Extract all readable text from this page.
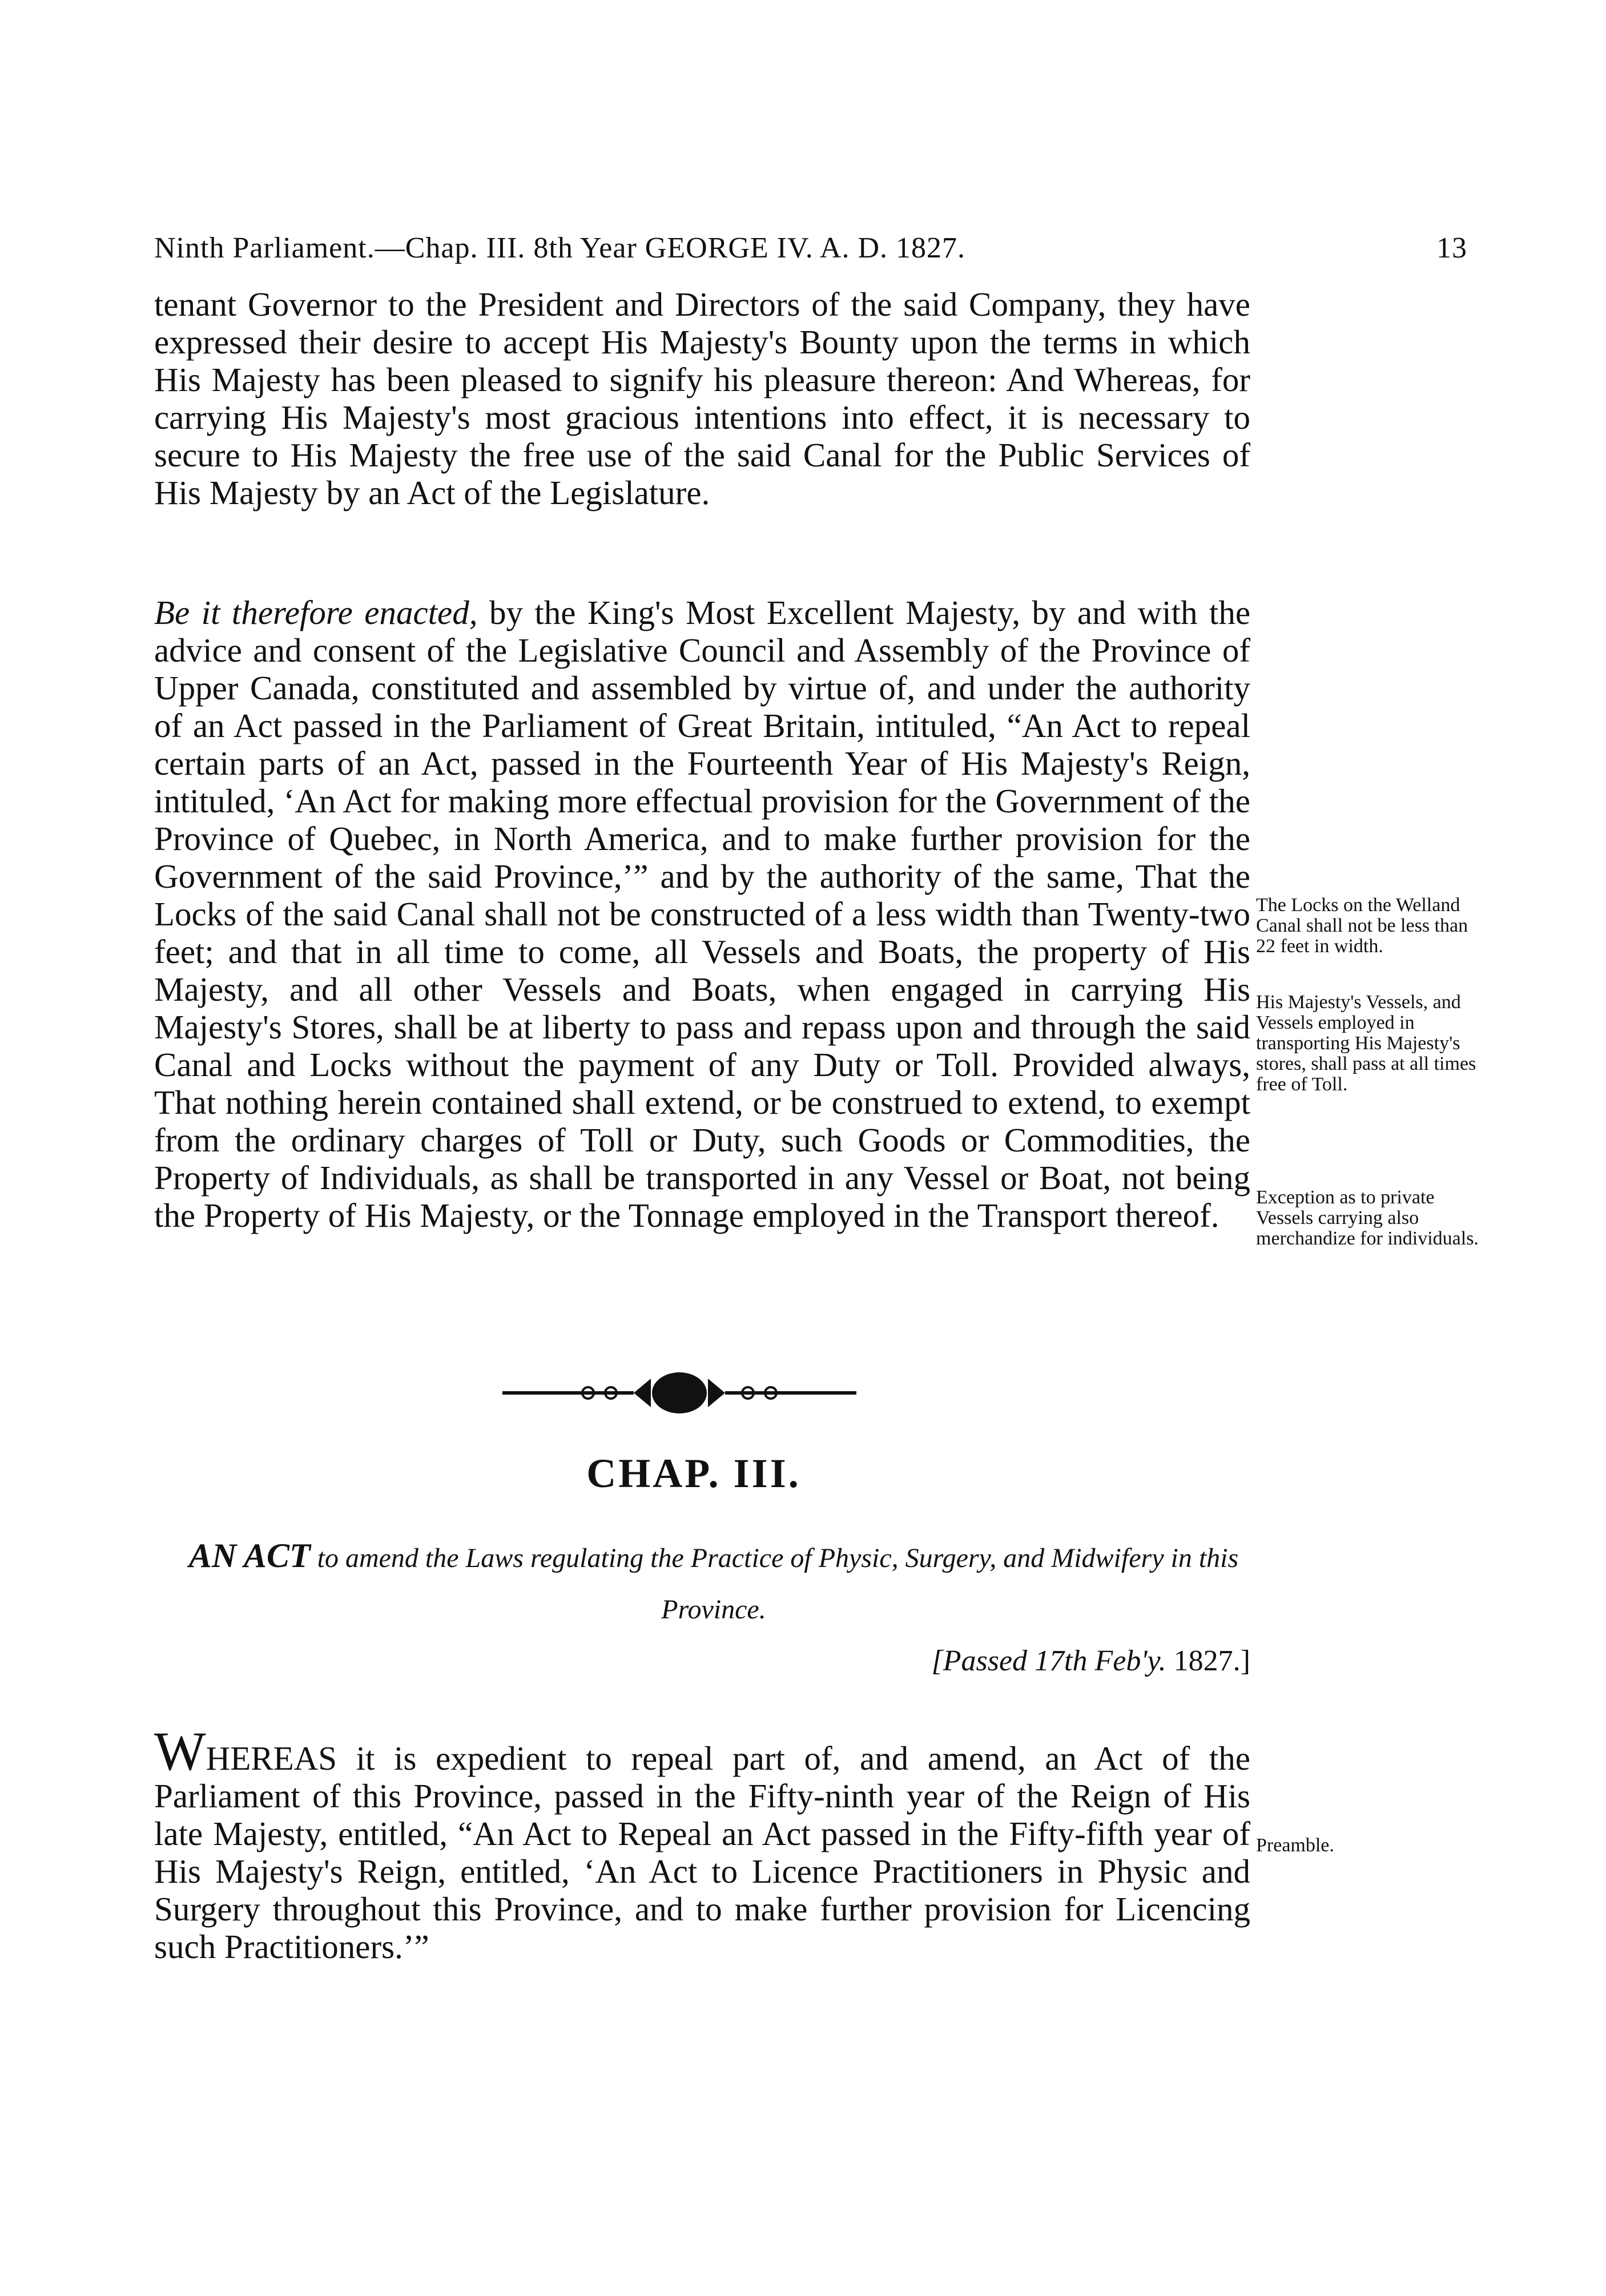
Ninth Parliament.—Chap. III. 8th Year GEORGE IV. A. D. 1827.	13
tenant Governor to the President and Directors of the said Company, they have expressed their desire to accept His Majesty's Bounty upon the terms in which His Majesty has been pleased to signify his pleasure thereon: And Whereas, for carrying His Majesty's most gracious intentions into effect, it is necessary to secure to His Majesty the free use of the said Canal for the Public Services of His Majesty by an Act of the Legislature.
Be it therefore enacted, by the King's Most Excellent Majesty, by and with the advice and consent of the Legislative Council and Assembly of the Province of Upper Canada, constituted and assembled by virtue of, and under the authority of an Act passed in the Parliament of Great Britain, intituled, “An Act to repeal certain parts of an Act, passed in the Fourteenth Year of His Majesty's Reign, intituled, ‘An Act for making more effectual provision for the Government of the Province of Quebec, in North America, and to make further provision for the Government of the said Province,’” and by the authority of the same, That the Locks of the said Canal shall not be constructed of a less width than Twenty-two feet; and that in all time to come, all Vessels and Boats, the property of His Majesty, and all other Vessels and Boats, when engaged in carrying His Majesty's Stores, shall be at liberty to pass and repass upon and through the said Canal and Locks without the payment of any Duty or Toll. Provided always, That nothing herein contained shall extend, or be construed to extend, to exempt from the ordinary charges of Toll or Duty, such Goods or Commodities, the Property of Individuals, as shall be transported in any Vessel or Boat, not being the Property of His Majesty, or the Tonnage employed in the Transport thereof.
The Locks on the Welland Canal shall not be less than 22 feet in width.
His Majesty's Vessels, and Vessels employed in transporting His Majesty's stores, shall pass at all times free of Toll.
Exception as to private Vessels carrying also merchandize for individuals.
Preamble.
CHAP. III.
AN ACT to amend the Laws regulating the Practice of Physic, Surgery, and Midwifery in this Province.
[Passed 17th Feb'y. 1827.]
WHEREAS it is expedient to repeal part of, and amend, an Act of the Parliament of this Province, passed in the Fifty-ninth year of the Reign of His late Majesty, entitled, “An Act to Repeal an Act passed in the Fifty-fifth year of His Majesty's Reign, entitled, ‘An Act to Licence Practitioners in Physic and Surgery throughout this Province, and to make further provision for Licencing such Practitioners.’”
